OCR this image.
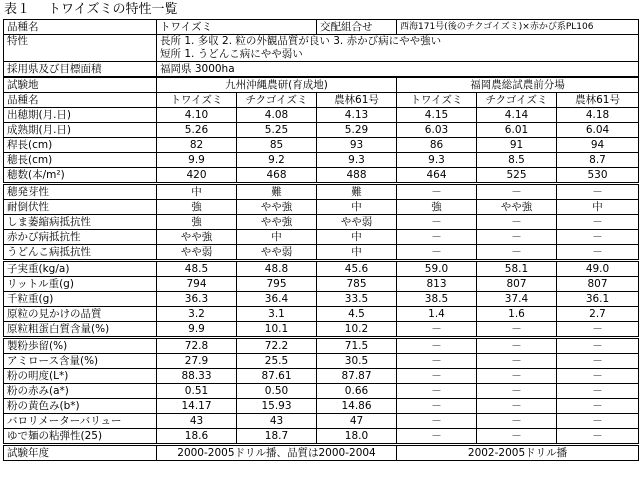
表１ トワイズミの特性一覧
品種名	トワイズミ		交配組合せ	西海171号(後のチクゴイズミ)×赤かび系PL106		
特性	長所 1. 多収 2. 粒の外観品質が良い 3. 赤かび病にやや強い
短所 1. うどんこ病にやや弱い					

採用県及び目標面積	福岡県 3000ha					
試験地	九州沖縄農研(育成地)			福岡農総試農前分場		
品種名	トワイズミ	チクゴイズミ	農林61号	トワイズミ	チクゴイズミ	農林61号
出穂期(月.日)	4.10	4.08	4.13	4.15	4.14	4.18
成熟期(月.日)	5.26	5.25	5.29	6.03	6.01	6.04
稈長(cm)	82	85	93	86	91	94
穂長(cm)	9.9	9.2	9.3	9.3	8.5	8.7
穂数(本/m²)	420	468	488	464	525	530
穂発芽性	中	難	難	－	－	－
耐倒伏性	強	やや強	中	強	やや強	中
しま萎縮病抵抗性	強	やや強	やや弱	－	－	－
赤かび病抵抗性	やや強	中	中	－	－	－
うどんこ病抵抗性	やや弱	やや弱	中	－	－	－
子実重(kg/a)	48.5	48.8	45.6	59.0	58.1	49.0
リットル重(g)	794	795	785	813	807	807
千粒重(g)	36.3	36.4	33.5	38.5	37.4	36.1
原粒の見かけの品質	3.2	3.1	4.5	1.4	1.6	2.7
原粒粗蛋白質含量(%)	9.9	10.1	10.2	－	－	－
製粉歩留(%)	72.8	72.2	71.5	－	－	－
アミロース含量(%)	27.9	25.5	30.5	－	－	－
粉の明度(L*)	88.33	87.61	87.87	－	－	－
粉の赤み(a*)	0.51	0.50	0.66	－	－	－
粉の黄色み(b*)	14.17	15.93	14.86	－	－	－
バロリメーターバリュー	43	43	47	－	－	－
ゆで麺の粘弾性(25)	18.6	18.7	18.0	－	－	－
試験年度	2000-2005ドリル播、品質は2000-2004			2002-2005ドリル播		
